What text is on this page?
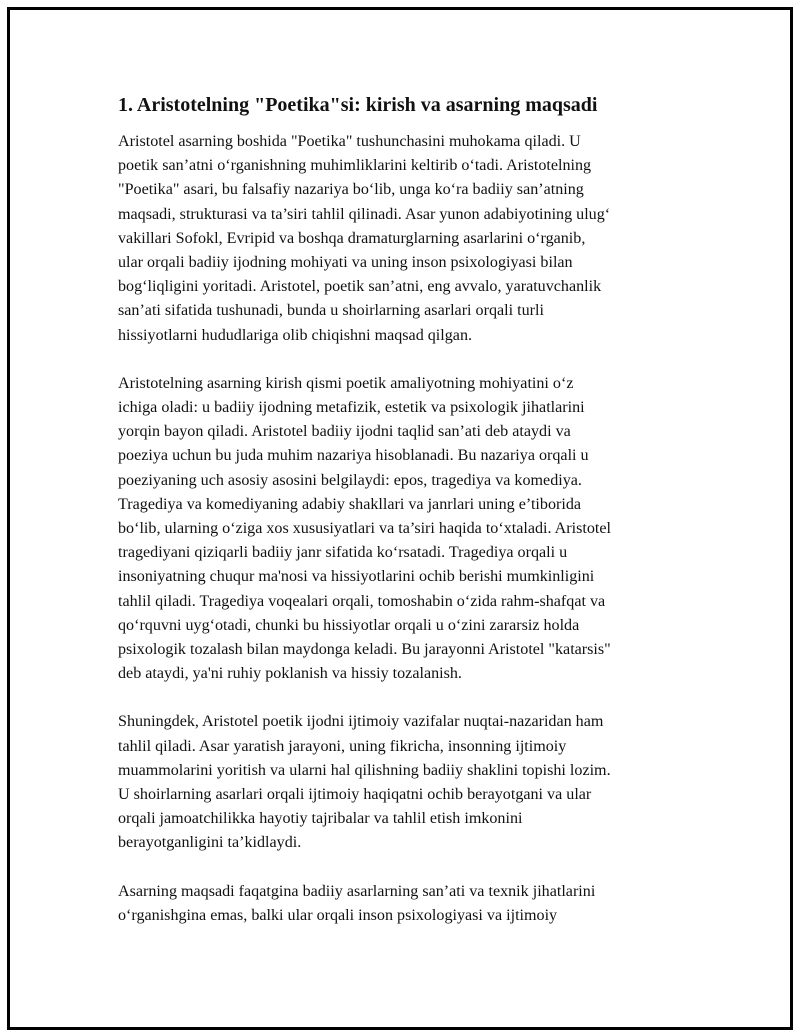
1. Aristotelning "Poetika"si: kirish va asarning maqsadi

Aristotel asarning boshida "Poetika" tushunchasini muhokama qiladi. U
poetik san’atni o‘rganishning muhimliklarini keltirib o‘tadi. Aristotelning
"Poetika" asari, bu falsafiy nazariya bo‘lib, unga ko‘ra badiiy san’atning
maqsadi, strukturasi va ta’siri tahlil qilinadi. Asar yunon adabiyotining ulug‘
vakillari Sofokl, Evripid va boshqa dramaturglarning asarlarini o‘rganib,
ular orqali badiiy ijodning mohiyati va uning inson psixologiyasi bilan
bog‘liqligini yoritadi. Aristotel, poetik san’atni, eng avvalo, yaratuvchanlik
san’ati sifatida tushunadi, bunda u shoirlarning asarlari orqali turli
hissiyotlarni hududlariga olib chiqishni maqsad qilgan.

Aristotelning asarning kirish qismi poetik amaliyotning mohiyatini o‘z
ichiga oladi: u badiiy ijodning metafizik, estetik va psixologik jihatlarini
yorqin bayon qiladi. Aristotel badiiy ijodni taqlid san’ati deb ataydi va
poeziya uchun bu juda muhim nazariya hisoblanadi. Bu nazariya orqali u
poeziyaning uch asosiy asosini belgilaydi: epos, tragediya va komediya.
Tragediya va komediyaning adabiy shakllari va janrlari uning e’tiborida
bo‘lib, ularning o‘ziga xos xususiyatlari va ta’siri haqida to‘xtaladi. Aristotel
tragediyani qiziqarli badiiy janr sifatida ko‘rsatadi. Tragediya orqali u
insoniyatning chuqur ma'nosi va hissiyotlarini ochib berishi mumkinligini
tahlil qiladi. Tragediya voqealari orqali, tomoshabin o‘zida rahm-shafqat va
qo‘rquvni uyg‘otadi, chunki bu hissiyotlar orqali u o‘zini zararsiz holda
psixologik tozalash bilan maydonga keladi. Bu jarayonni Aristotel "katarsis"
deb ataydi, ya'ni ruhiy poklanish va hissiy tozalanish.

Shuningdek, Aristotel poetik ijodni ijtimoiy vazifalar nuqtai-nazaridan ham
tahlil qiladi. Asar yaratish jarayoni, uning fikricha, insonning ijtimoiy
muammolarini yoritish va ularni hal qilishning badiiy shaklini topishi lozim.
U shoirlarning asarlari orqali ijtimoiy haqiqatni ochib berayotgani va ular
orqali jamoatchilikka hayotiy tajribalar va tahlil etish imkonini
berayotganligini ta’kidlaydi.

Asarning maqsadi faqatgina badiiy asarlarning san’ati va texnik jihatlarini
o‘rganishgina emas, balki ular orqali inson psixologiyasi va ijtimoiy
